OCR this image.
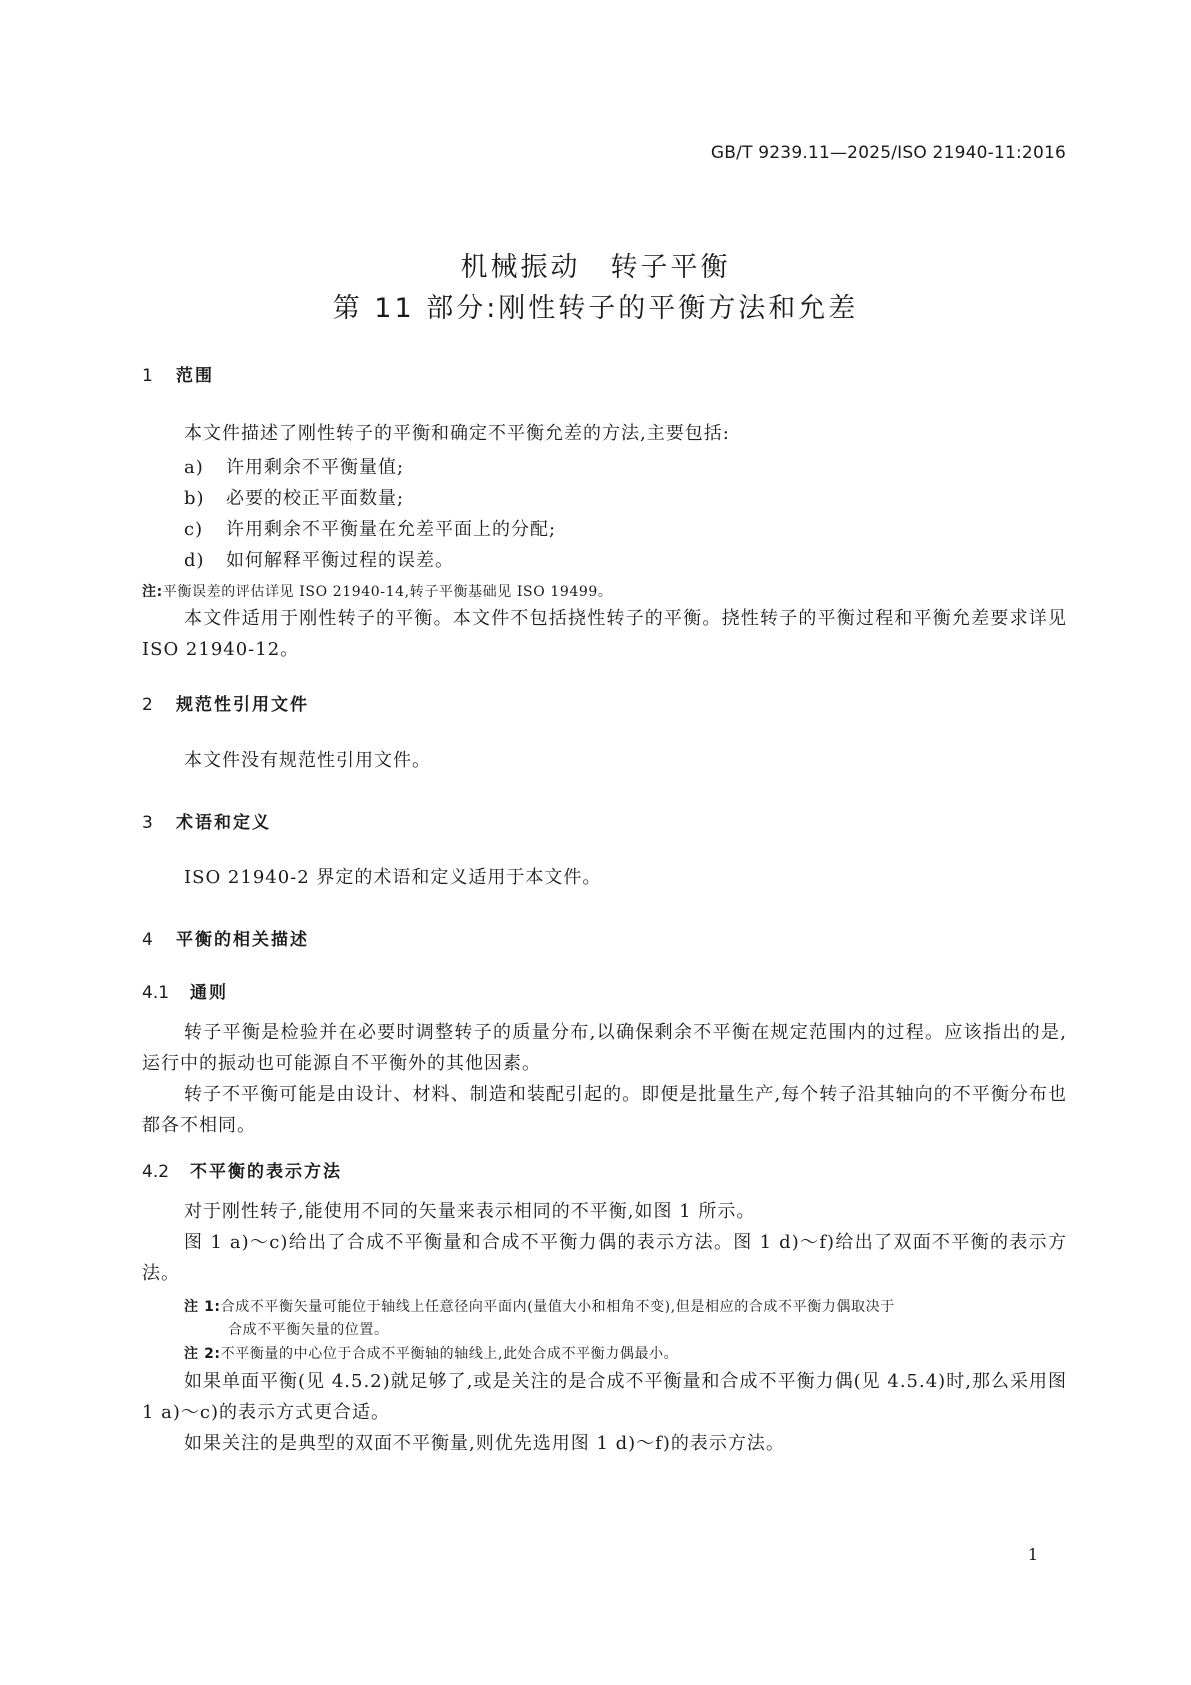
GB/T 9239.11—2025/ISO 21940-11:2016
机械振动　转子平衡
第 11 部分:刚性转子的平衡方法和允差
1 范围
本文件描述了刚性转子的平衡和确定不平衡允差的方法,主要包括:
a) 许用剩余不平衡量值;
b) 必要的校正平面数量;
c) 许用剩余不平衡量在允差平面上的分配;
d) 如何解释平衡过程的误差。
注:平衡误差的评估详见 ISO 21940-14,转子平衡基础见 ISO 19499。
本文件适用于刚性转子的平衡。本文件不包括挠性转子的平衡。挠性转子的平衡过程和平衡允差要求详见 ISO 21940-12。
2 规范性引用文件
本文件没有规范性引用文件。
3 术语和定义
ISO 21940-2 界定的术语和定义适用于本文件。
4 平衡的相关描述
4.1 通则
转子平衡是检验并在必要时调整转子的质量分布,以确保剩余不平衡在规定范围内的过程。应该指出的是,运行中的振动也可能源自不平衡外的其他因素。
转子不平衡可能是由设计、材料、制造和装配引起的。即便是批量生产,每个转子沿其轴向的不平衡分布也都各不相同。
4.2 不平衡的表示方法
对于刚性转子,能使用不同的矢量来表示相同的不平衡,如图 1 所示。
图 1 a)～c)给出了合成不平衡量和合成不平衡力偶的表示方法。图 1 d)～f)给出了双面不平衡的表示方法。
注 1:合成不平衡矢量可能位于轴线上任意径向平面内(量值大小和相角不变),但是相应的合成不平衡力偶取决于
合成不平衡矢量的位置。
注 2:不平衡量的中心位于合成不平衡轴的轴线上,此处合成不平衡力偶最小。
如果单面平衡(见 4.5.2)就足够了,或是关注的是合成不平衡量和合成不平衡力偶(见 4.5.4)时,那么采用图 1 a)～c)的表示方式更合适。
如果关注的是典型的双面不平衡量,则优先选用图 1 d)～f)的表示方法。
1
